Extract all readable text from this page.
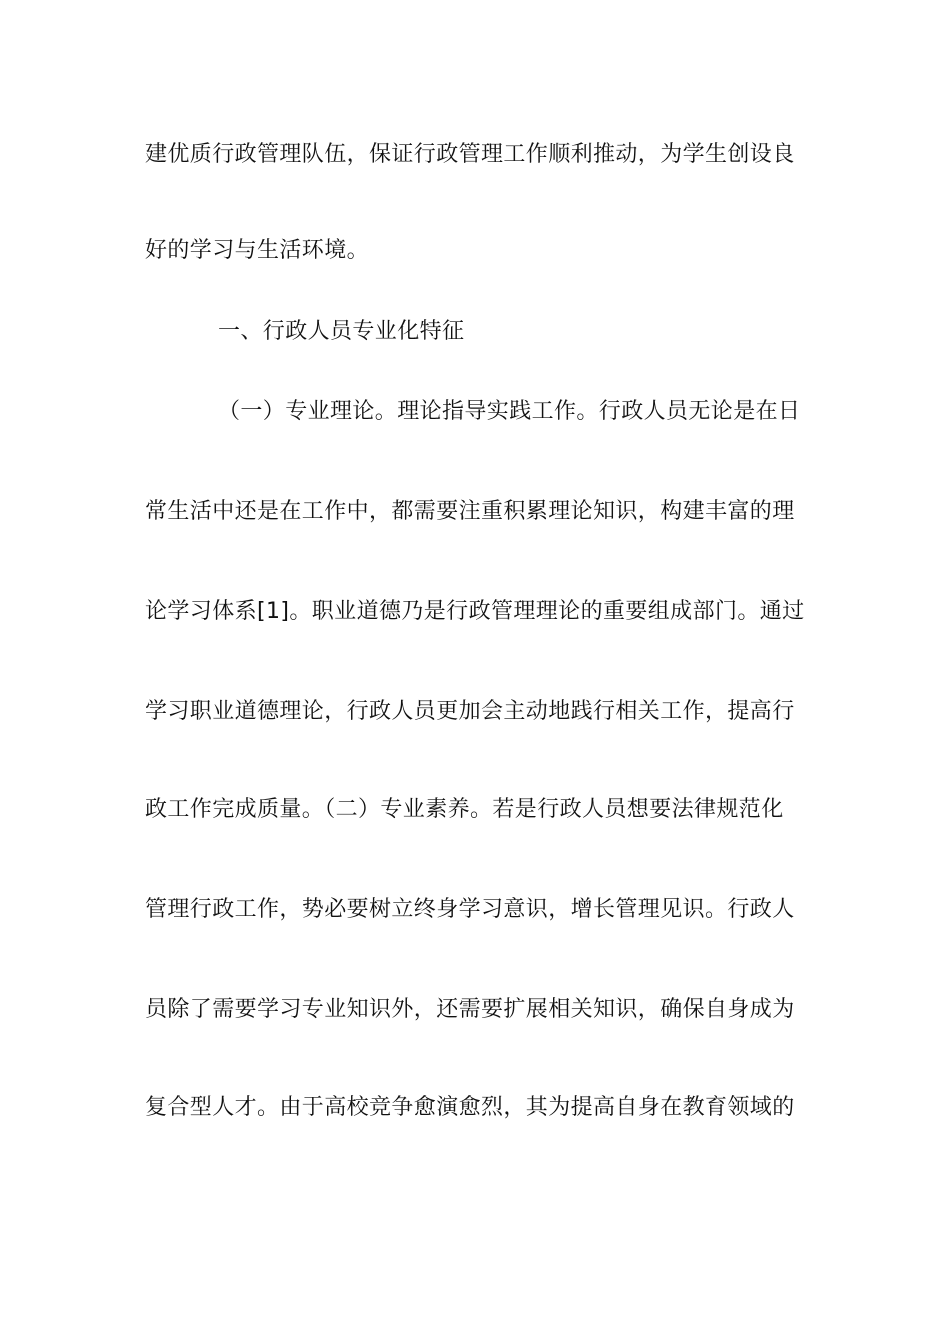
建优质行政管理队伍，保证行政管理工作顺利推动，为学生创设良
好的学习与生活环境。
一、行政人员专业化特征
（一）专业理论。理论指导实践工作。行政人员无论是在日
常生活中还是在工作中，都需要注重积累理论知识，构建丰富的理
论学习体系[1]。职业道德乃是行政管理理论的重要组成部门。通过
学习职业道德理论，行政人员更加会主动地践行相关工作，提高行
政工作完成质量。（二）专业素养。若是行政人员想要法律规范化
管理行政工作，势必要树立终身学习意识，增长管理见识。行政人
员除了需要学习专业知识外，还需要扩展相关知识，确保自身成为
复合型人才。由于高校竞争愈演愈烈，其为提高自身在教育领域的
